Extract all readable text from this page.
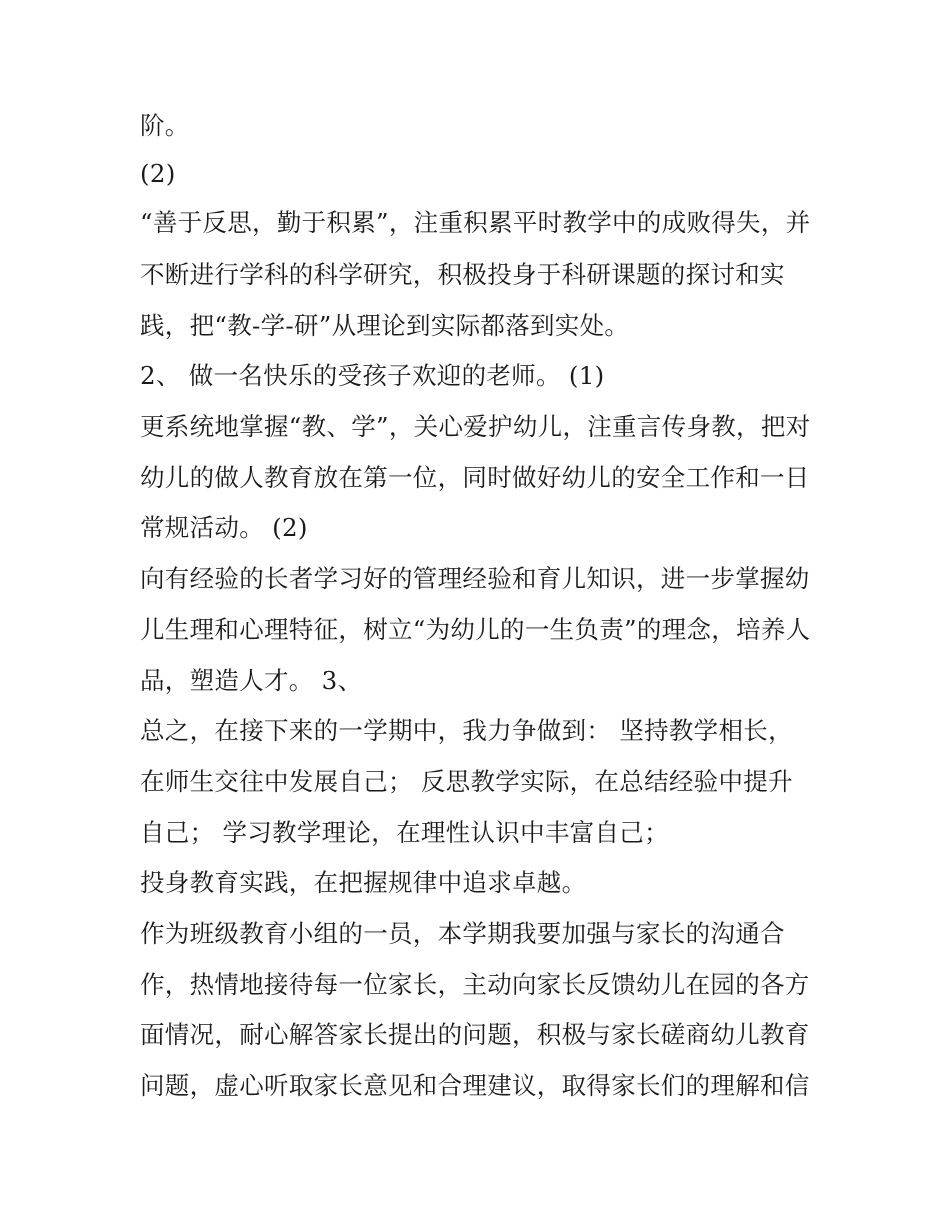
阶。
(2)
“善于反思，勤于积累”，注重积累平时教学中的成败得失，并
不断进行学科的科学研究，积极投身于科研课题的探讨和实
践，把“教-学-研”从理论到实际都落到实处。
2、 做一名快乐的受孩子欢迎的老师。 (1)
更系统地掌握“教、学”，关心爱护幼儿，注重言传身教，把对
幼儿的做人教育放在第一位，同时做好幼儿的安全工作和一日
常规活动。 (2)
向有经验的长者学习好的管理经验和育儿知识，进一步掌握幼
儿生理和心理特征，树立“为幼儿的一生负责”的理念，培养人
品，塑造人才。 3、
总之，在接下来的一学期中，我力争做到： 坚持教学相长，
在师生交往中发展自己； 反思教学实际，在总结经验中提升
自己； 学习教学理论，在理性认识中丰富自己；
投身教育实践，在把握规律中追求卓越。
作为班级教育小组的一员，本学期我要加强与家长的沟通合
作，热情地接待每一位家长，主动向家长反馈幼儿在园的各方
面情况，耐心解答家长提出的问题，积极与家长磋商幼儿教育
问题，虚心听取家长意见和合理建议，取得家长们的理解和信
